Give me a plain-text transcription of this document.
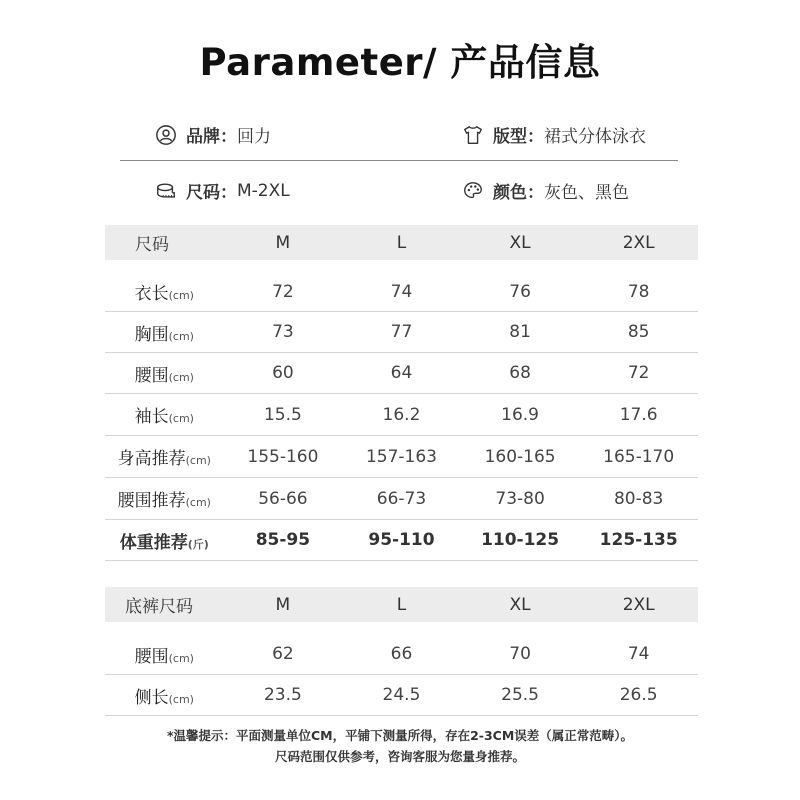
Parameter/ 产品信息
品牌： 回力	版型： 裙式分体泳衣
尺码： M-2XL	颜色： 灰色、黑色
尺码	M	L	XL	2XL
衣长(cm)	72	74	76	78
胸围(cm)	73	77	81	85
腰围(cm)	60	64	68	72
袖长(cm)	15.5	16.2	16.9	17.6
身高推荐(cm)	155-160	157-163	160-165	165-170
腰围推荐(cm)	56-66	66-73	73-80	80-83
体重推荐(斤)	85-95	95-110	110-125	125-135
底裤尺码	M	L	XL	2XL
腰围(cm)	62	66	70	74
侧长(cm)	23.5	24.5	25.5	26.5
*温馨提示：平面测量单位CM，平铺下测量所得，存在2-3CM误差（属正常范畴）。
尺码范围仅供参考，咨询客服为您量身推荐。
